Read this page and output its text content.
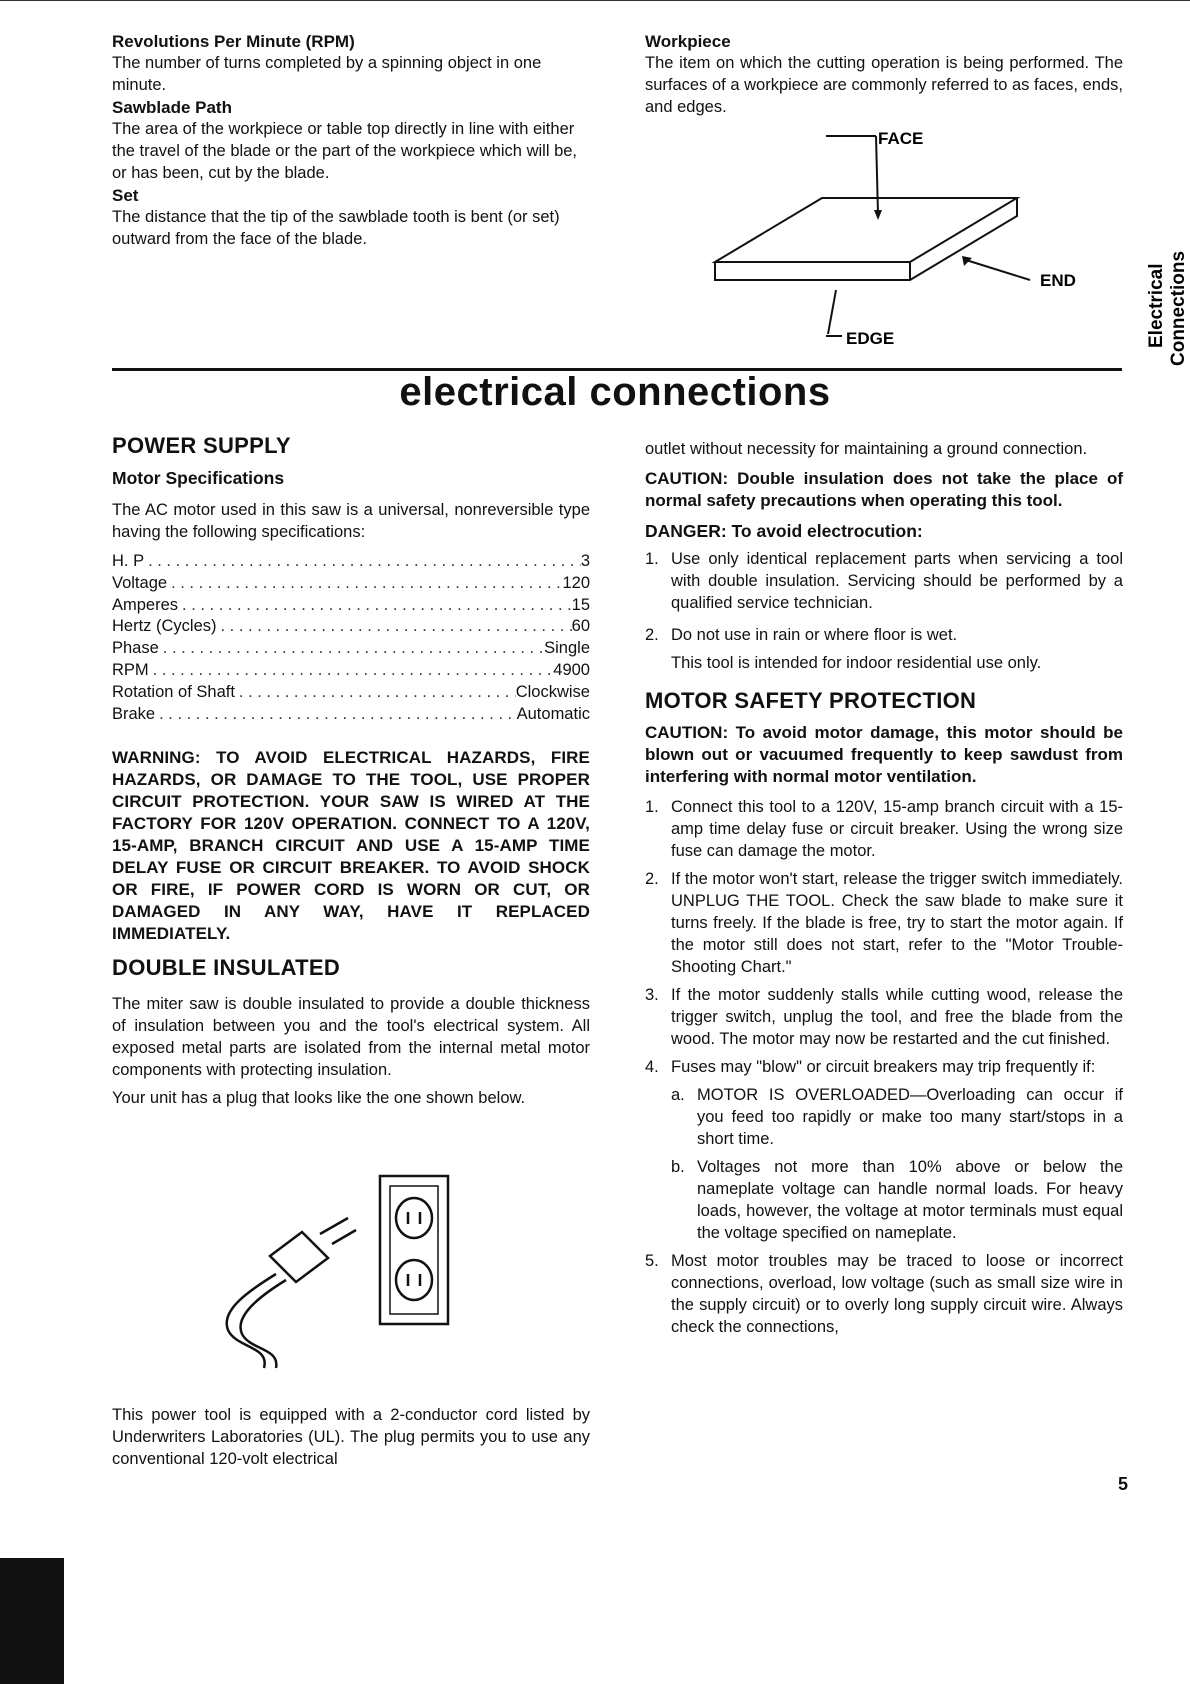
Revolutions Per Minute (RPM)
The number of turns completed by a spinning object in one minute.
Sawblade Path
The area of the workpiece or table top directly in line with either the travel of the blade or the part of the workpiece which will be, or has been, cut by the blade.
Set
The distance that the tip of the sawblade tooth is bent (or set) outward from the face of the blade.
Workpiece
The item on which the cutting operation is being performed. The surfaces of a workpiece are commonly referred to as faces, ends, and edges.
FACE
END
EDGE	Electrical Connections
electrical connections
POWER SUPPLY
Motor Specifications
The AC motor used in this saw is a universal, nonreversible type having the following specifications:
H. P . . .	3
Voltage . . .	120
Amperes . . .	15
Hertz (Cycles) . . .	60
Phase . . .	Single
RPM . . .	4900
Rotation of Shaft . . .	Clockwise
Brake . . .	Automatic
WARNING: TO AVOID ELECTRICAL HAZARDS, FIRE HAZARDS, OR DAMAGE TO THE TOOL, USE PROPER CIRCUIT PROTECTION. YOUR SAW IS WIRED AT THE FACTORY FOR 120V OPERATION. CONNECT TO A 120V, 15-AMP, BRANCH CIRCUIT AND USE A 15-AMP TIME DELAY FUSE OR CIRCUIT BREAKER. TO AVOID SHOCK OR FIRE, IF POWER CORD IS WORN OR CUT, OR DAMAGED IN ANY WAY, HAVE IT REPLACED IMMEDIATELY.
DOUBLE INSULATED
The miter saw is double insulated to provide a double thickness of insulation between you and the tool's electrical system. All exposed metal parts are isolated from the internal metal motor components with protecting insulation.
Your unit has a plug that looks like the one shown below.
This power tool is equipped with a 2-conductor cord listed by Underwriters Laboratories (UL). The plug permits you to use any conventional 120-volt electrical
outlet without necessity for maintaining a ground connection.
CAUTION: Double insulation does not take the place of normal safety precautions when operating this tool.
DANGER: To avoid electrocution:
1. Use only identical replacement parts when servicing a tool with double insulation. Servicing should be performed by a qualified service technician.
2. Do not use in rain or where floor is wet.
This tool is intended for indoor residential use only.
MOTOR SAFETY PROTECTION
CAUTION: To avoid motor damage, this motor should be blown out or vacuumed frequently to keep sawdust from interfering with normal motor ventilation.
1. Connect this tool to a 120V, 15-amp branch circuit with a 15-amp time delay fuse or circuit breaker. Using the wrong size fuse can damage the motor.
2. If the motor won't start, release the trigger switch immediately. UNPLUG THE TOOL. Check the saw blade to make sure it turns freely. If the blade is free, try to start the motor again. If the motor still does not start, refer to the "Motor Trouble-Shooting Chart."
3. If the motor suddenly stalls while cutting wood, release the trigger switch, unplug the tool, and free the blade from the wood. The motor may now be restarted and the cut finished.
4. Fuses may "blow" or circuit breakers may trip frequently if:
a. MOTOR IS OVERLOADED—Overloading can occur if you feed too rapidly or make too many start/stops in a short time.
b. Voltages not more than 10% above or below the nameplate voltage can handle normal loads. For heavy loads, however, the voltage at motor terminals must equal the voltage specified on nameplate.
5. Most motor troubles may be traced to loose or incorrect connections, overload, low voltage (such as small size wire in the supply circuit) or to overly long supply circuit wire. Always check the connections,
5
